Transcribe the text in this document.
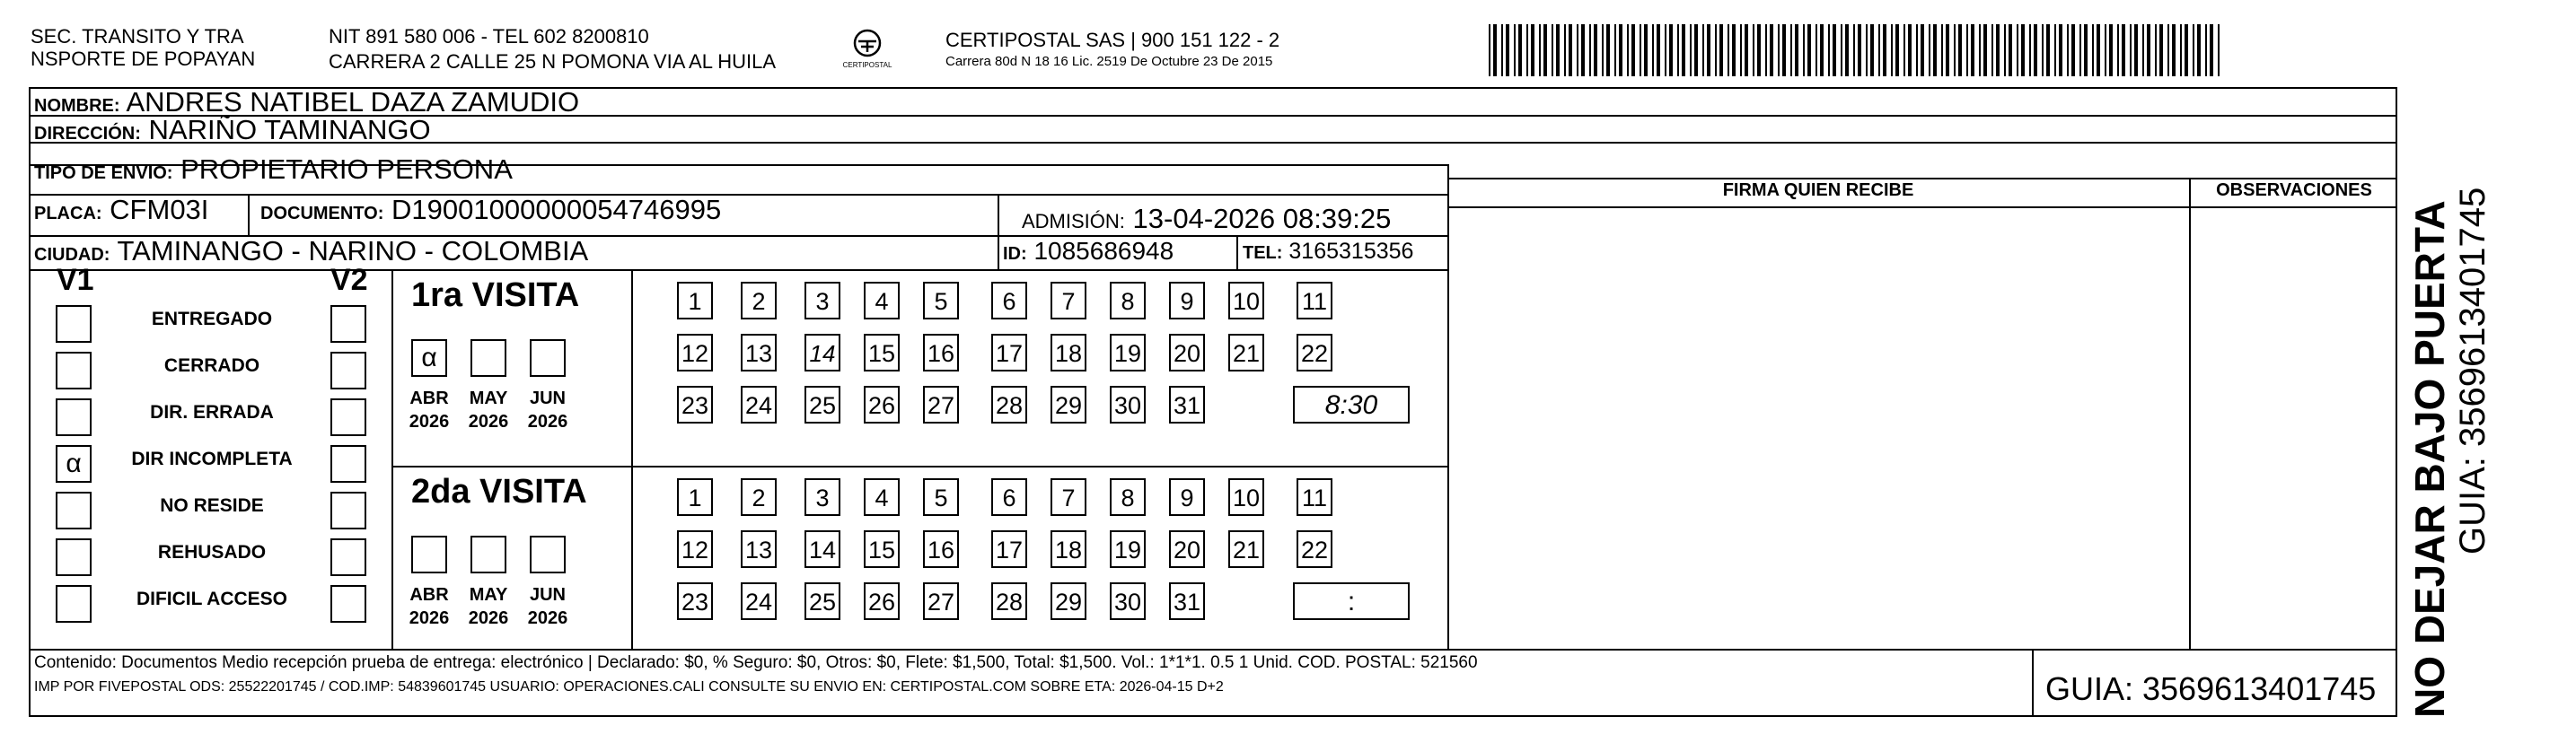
SEC. TRANSITO Y TRA
NSPORTE DE POPAYAN
NIT 891 580 006 - TEL 602 8200810
CARRERA 2 CALLE 25 N POMONA VIA AL HUILA	CERTIPOSTAL
CERTIPOSTAL SAS | 900 151 122 - 2
Carrera 80d N 18 16 Lic. 2519 De Octubre 23 De 2015
NOMBRE: ANDRES NATIBEL DAZA ZAMUDIO
DIRECCIÓN: NARIÑO TAMINANGO
TIPO DE ENVIO: PROPIETARIO PERSONA
PLACA: CFM03I	DOCUMENTO: D19001000000054746995	ADMISIÓN: 13-04-2026 08:39:25
CIUDAD: TAMINANGO - NARINO - COLOMBIA	ID: 1085686948	TEL: 3165315356
FIRMA QUIEN RECIBE	OBSERVACIONES
V1	V2
ENTREGADO
CERRADO
DIR. ERRADA
α	DIR INCOMPLETA
NO RESIDE
REHUSADO
DIFICIL ACCESO
1ra VISITA
α
ABR
2026
MAY
2026
JUN
2026
1	2	3	4	5	6	7	8	9	10 11
12 13 14 15 16 17 18 19 20 21 22
23 24 25 26 27 28 29 30 31	8:30
2da VISITA
ABR
2026
MAY
2026
JUN
2026
1	2	3	4	5	6	7	8	9	10 11
12 13 14 15 16 17 18 19 20 21 22
23 24 25 26 27 28 29 30 31	:
Contenido: Documentos Medio recepción prueba de entrega: electrónico | Declarado: $0, % Seguro: $0, Otros: $0, Flete: $1,500, Total: $1,500. Vol.: 1*1*1. 0.5 1 Unid. COD. POSTAL: 521560
IMP POR FIVEPOSTAL ODS: 25522201745 / COD.IMP: 54839601745 USUARIO: OPERACIONES.CALI CONSULTE SU ENVIO EN: CERTIPOSTAL.COM SOBRE ETA: 2026-04-15 D+2	GUIA: 3569613401745 NO DEJAR BAJO PUERTA GUIA: 3569613401745
